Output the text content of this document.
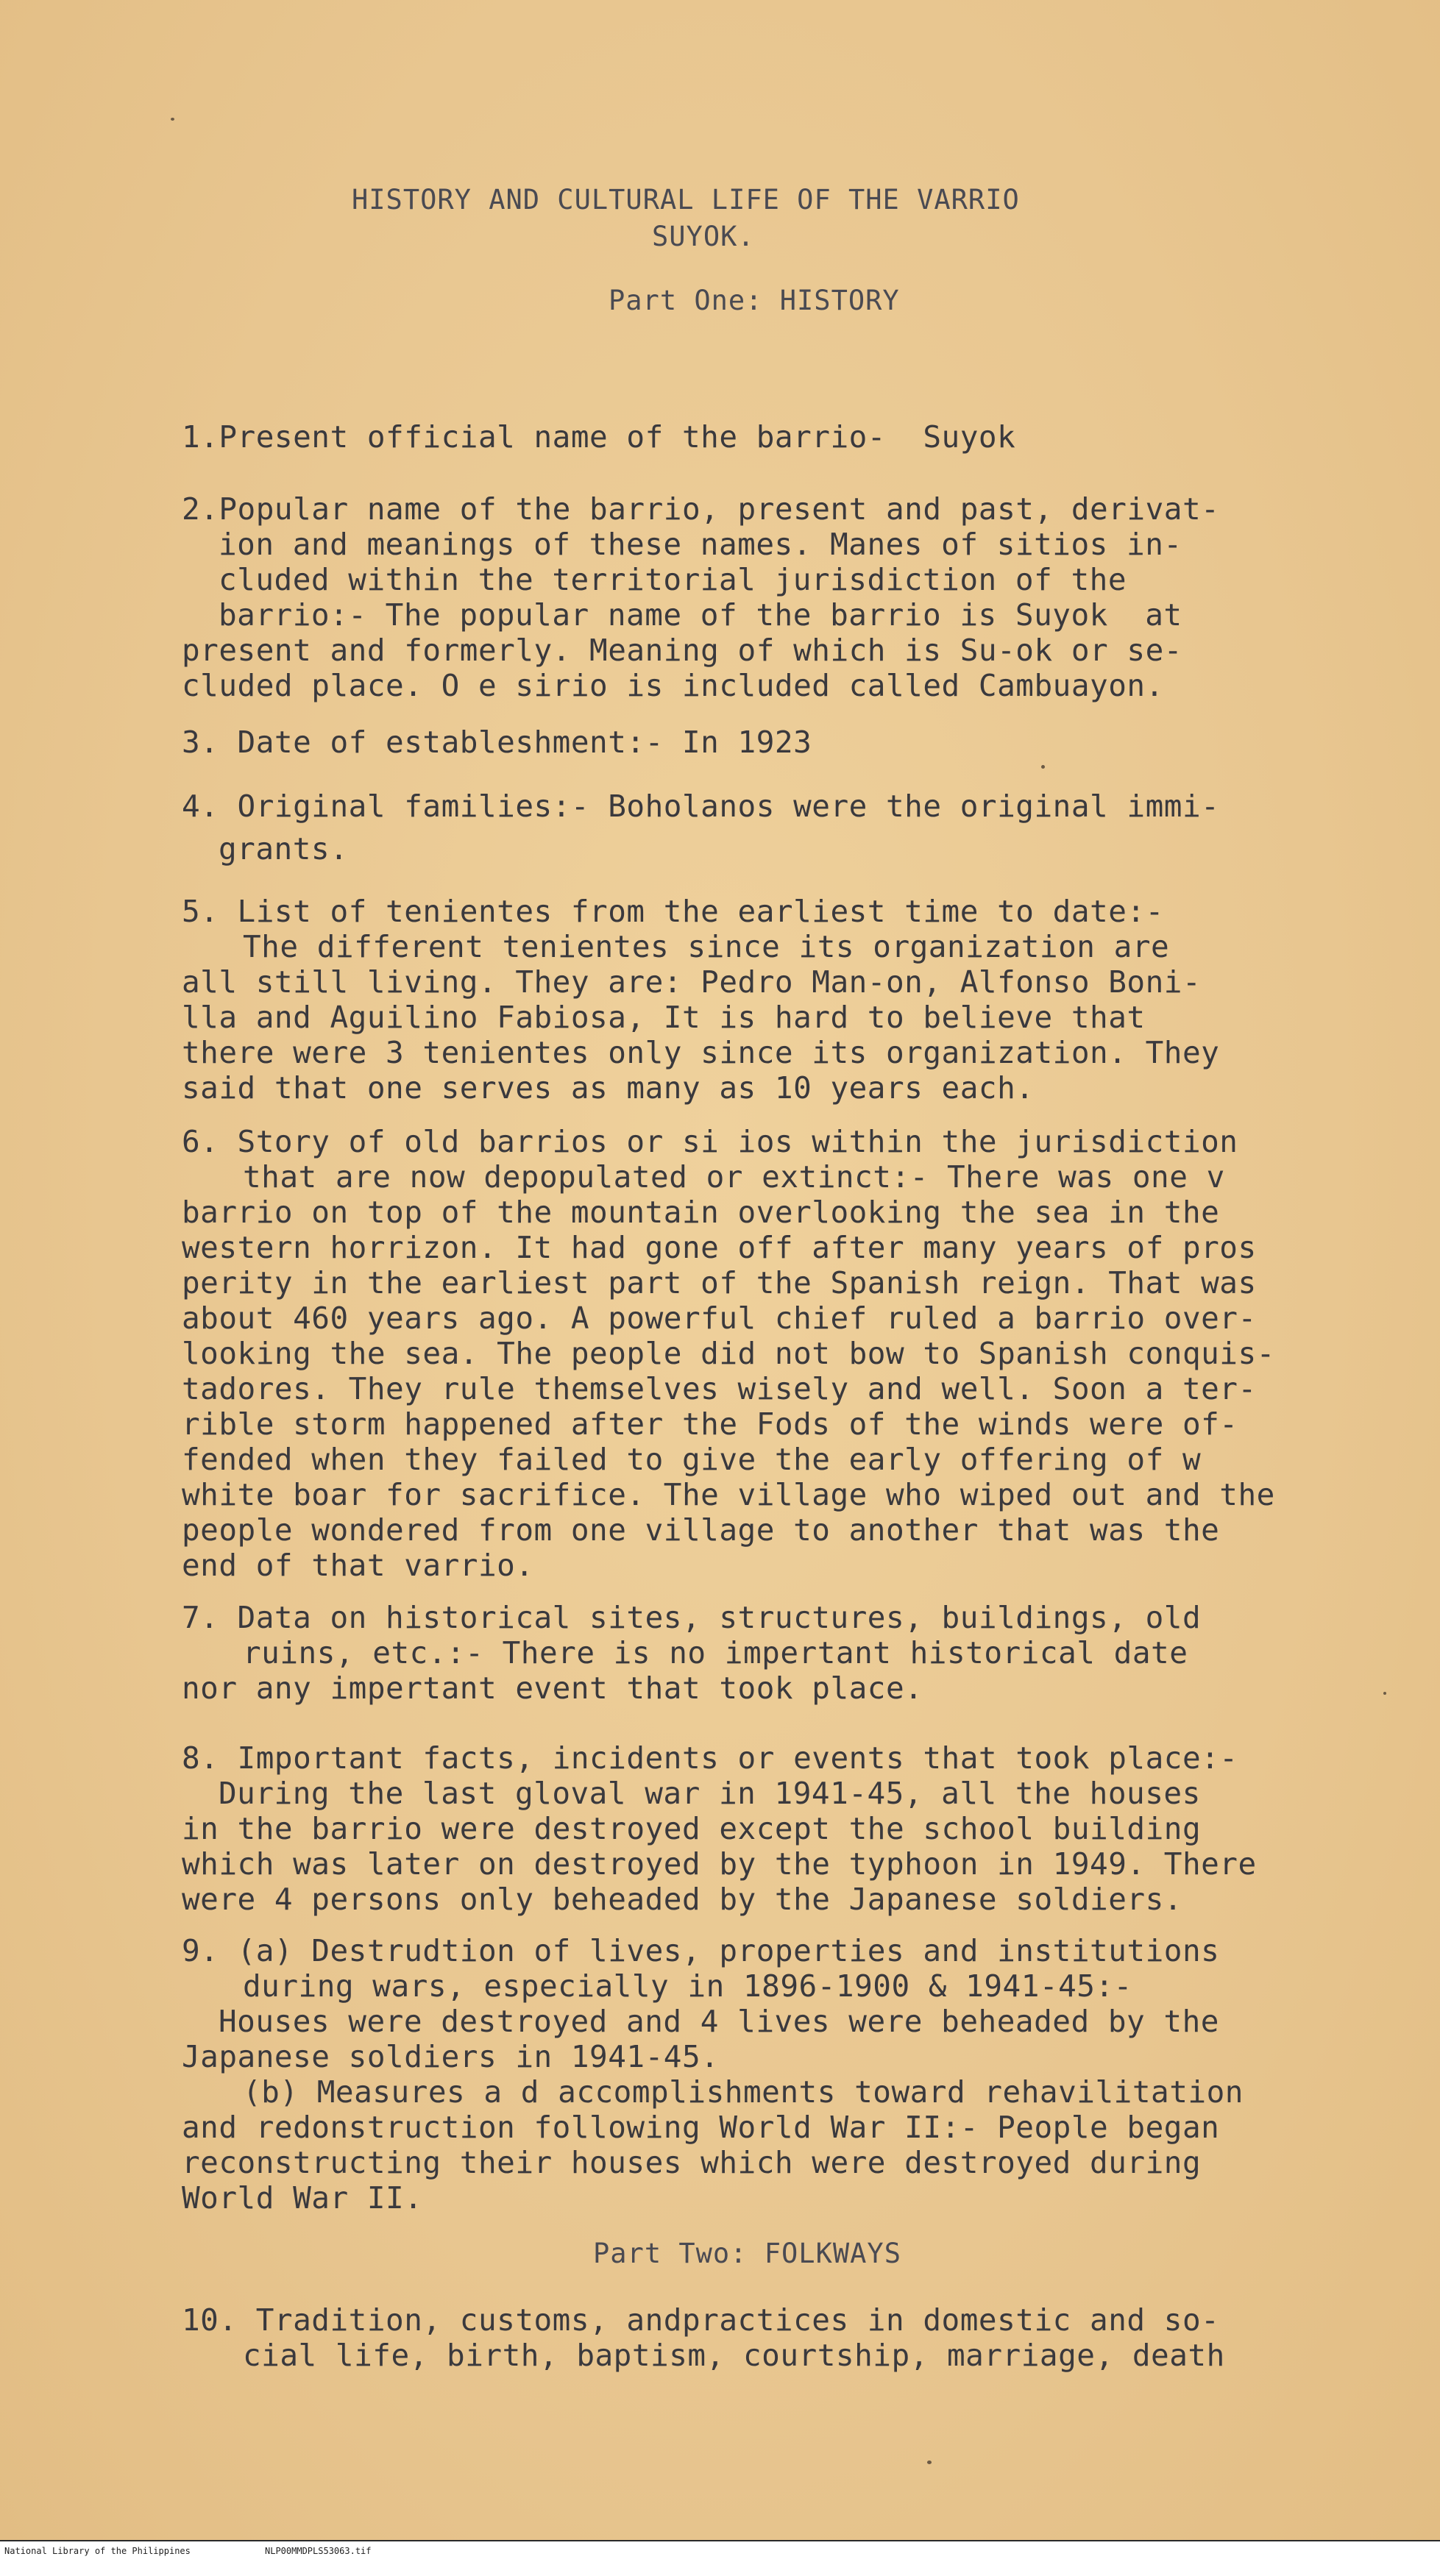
HISTORY AND CULTURAL LIFE OF THE VARRIO
SUYOK.
Part One: HISTORY
1.Present official name of the barrio-  Suyok
2.Popular name of the barrio, present and past, derivat-
ion and meanings of these names. Manes of sitios in-
cluded within the territorial jurisdiction of the
barrio:- The popular name of the barrio is Suyok  at
present and formerly. Meaning of which is Su-ok or se-
cluded place. O e sirio is included called Cambuayon.
3. Date of estableshment:- In 1923
4. Original families:- Boholanos were the original immi-
grants.
5. List of tenientes from the earliest time to date:-
The different tenientes since its organization are
all still living. They are: Pedro Man-on, Alfonso Boni-
lla and Aguilino Fabiosa, It is hard to believe that
there were 3 tenientes only since its organization. They
said that one serves as many as 10 years each.
6. Story of old barrios or si ios within the jurisdiction
that are now depopulated or extinct:- There was one v
barrio on top of the mountain overlooking the sea in the
western horrizon. It had gone off after many years of pros
perity in the earliest part of the Spanish reign. That was
about 460 years ago. A powerful chief ruled a barrio over-
looking the sea. The people did not bow to Spanish conquis-
tadores. They rule themselves wisely and well. Soon a ter-
rible storm happened after the Fods of the winds were of-
fended when they failed to give the early offering of w
white boar for sacrifice. The village who wiped out and the
people wondered from one village to another that was the
end of that varrio.
7. Data on historical sites, structures, buildings, old
ruins, etc.:- There is no impertant historical date
nor any impertant event that took place.
8. Important facts, incidents or events that took place:-
During the last gloval war in 1941-45, all the houses
in the barrio were destroyed except the school building
which was later on destroyed by the typhoon in 1949. There
were 4 persons only beheaded by the Japanese soldiers.
9. (a) Destrudtion of lives, properties and institutions
during wars, especially in 1896-1900 & 1941-45:-
Houses were destroyed and 4 lives were beheaded by the
Japanese soldiers in 1941-45.
(b) Measures a d accomplishments toward rehavilitation
and redonstruction following World War II:- People began
reconstructing their houses which were destroyed during
World War II.
Part Two: FOLKWAYS
10. Tradition, customs, andpractices in domestic and so-
cial life, birth, baptism, courtship, marriage, death
National Library of the Philippines	NLP00MMDPLS53063.tif
